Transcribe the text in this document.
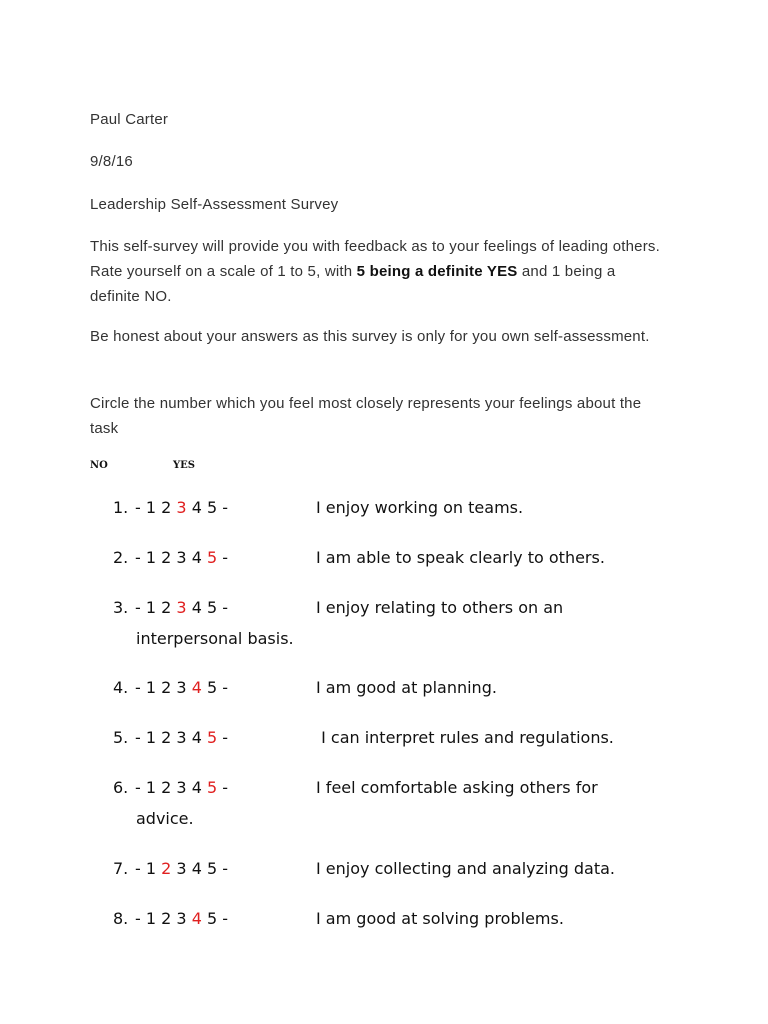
Paul Carter
9/8/16
Leadership Self-Assessment Survey
This self-survey will provide you with feedback as to your feelings of leading others. Rate yourself on a scale of 1 to 5, with 5 being a definite YES and 1 being a definite NO.
Be honest about your answers as this survey is only for you own self-assessment.
Circle the number which you feel most closely represents your feelings about the task
NO	YES
1. - 1 2 3 4 5 -	I enjoy working on teams.
2. - 1 2 3 4 5 -	I am able to speak clearly to others.
3. - 1 2 3 4 5 -	I enjoy relating to others on an
interpersonal basis.
4. - 1 2 3 4 5 -	I am good at planning.
5. - 1 2 3 4 5 -	I can interpret rules and regulations.
6. - 1 2 3 4 5 -	I feel comfortable asking others for
advice.
7. - 1 2 3 4 5 -	I enjoy collecting and analyzing data.
8. - 1 2 3 4 5 -	I am good at solving problems.
